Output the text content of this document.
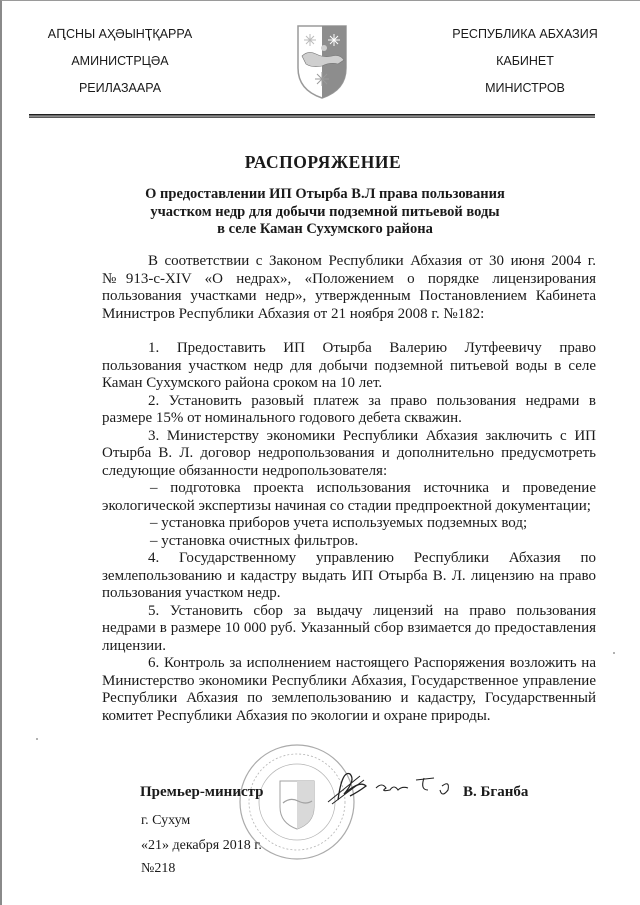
АԤСНЫ АҲӘЫНҬҚАРРА
АМИНИСТРЦӘА
РЕИЛАЗААРА
РЕСПУБЛИКА АБХАЗИЯ
КАБИНЕТ
МИНИСТРОВ
РАСПОРЯЖЕНИЕ
О предоставлении ИП Отырба В.Л права пользования
участком недр для добычи подземной питьевой воды
в селе Каман Сухумского района

В соответствии с Законом Республики Абхазия от 30 июня 2004 г. №913-с-XIV «О недрах», «Положением о порядке лицензирования пользования участками недр», утвержденным Постановлением Кабинета Министров Республики Абхазия от 21 ноября 2008 г. №182:

1. Предоставить ИП Отырба Валерию Лутфеевичу право пользования участком недр для добычи подземной питьевой воды в селе Каман Сухумского района сроком на 10 лет.

2. Установить разовый платеж за право пользования недрами в размере 15% от номинального годового дебета скважин.

3. Министерству экономики Республики Абхазия заключить с ИП Отырба В. Л. договор недропользования и дополнительно предусмотреть следующие обязанности недропользователя:

– подготовка проекта использования источника и проведение экологической экспертизы начиная со стадии предпроектной документации;

– установка приборов учета используемых подземных вод;

– установка очистных фильтров.

4. Государственному управлению Республики Абхазия по землепользованию и кадастру выдать ИП Отырба В. Л. лицензию на право пользования участком недр.

5. Установить сбор за выдачу лицензий на право пользования недрами в размере 10 000 руб. Указанный сбор взимается до предоставления лицензии.

6. Контроль за исполнением настоящего Распоряжения возложить на Министерство экономики Республики Абхазия, Государственное управление Республики Абхазия по землепользованию и кадастру, Государственный комитет Республики Абхазия по экологии и охране природы.

Премьер-министр	В. Бганба
г. Сухум
«21» декабря 2018 г.
№218
